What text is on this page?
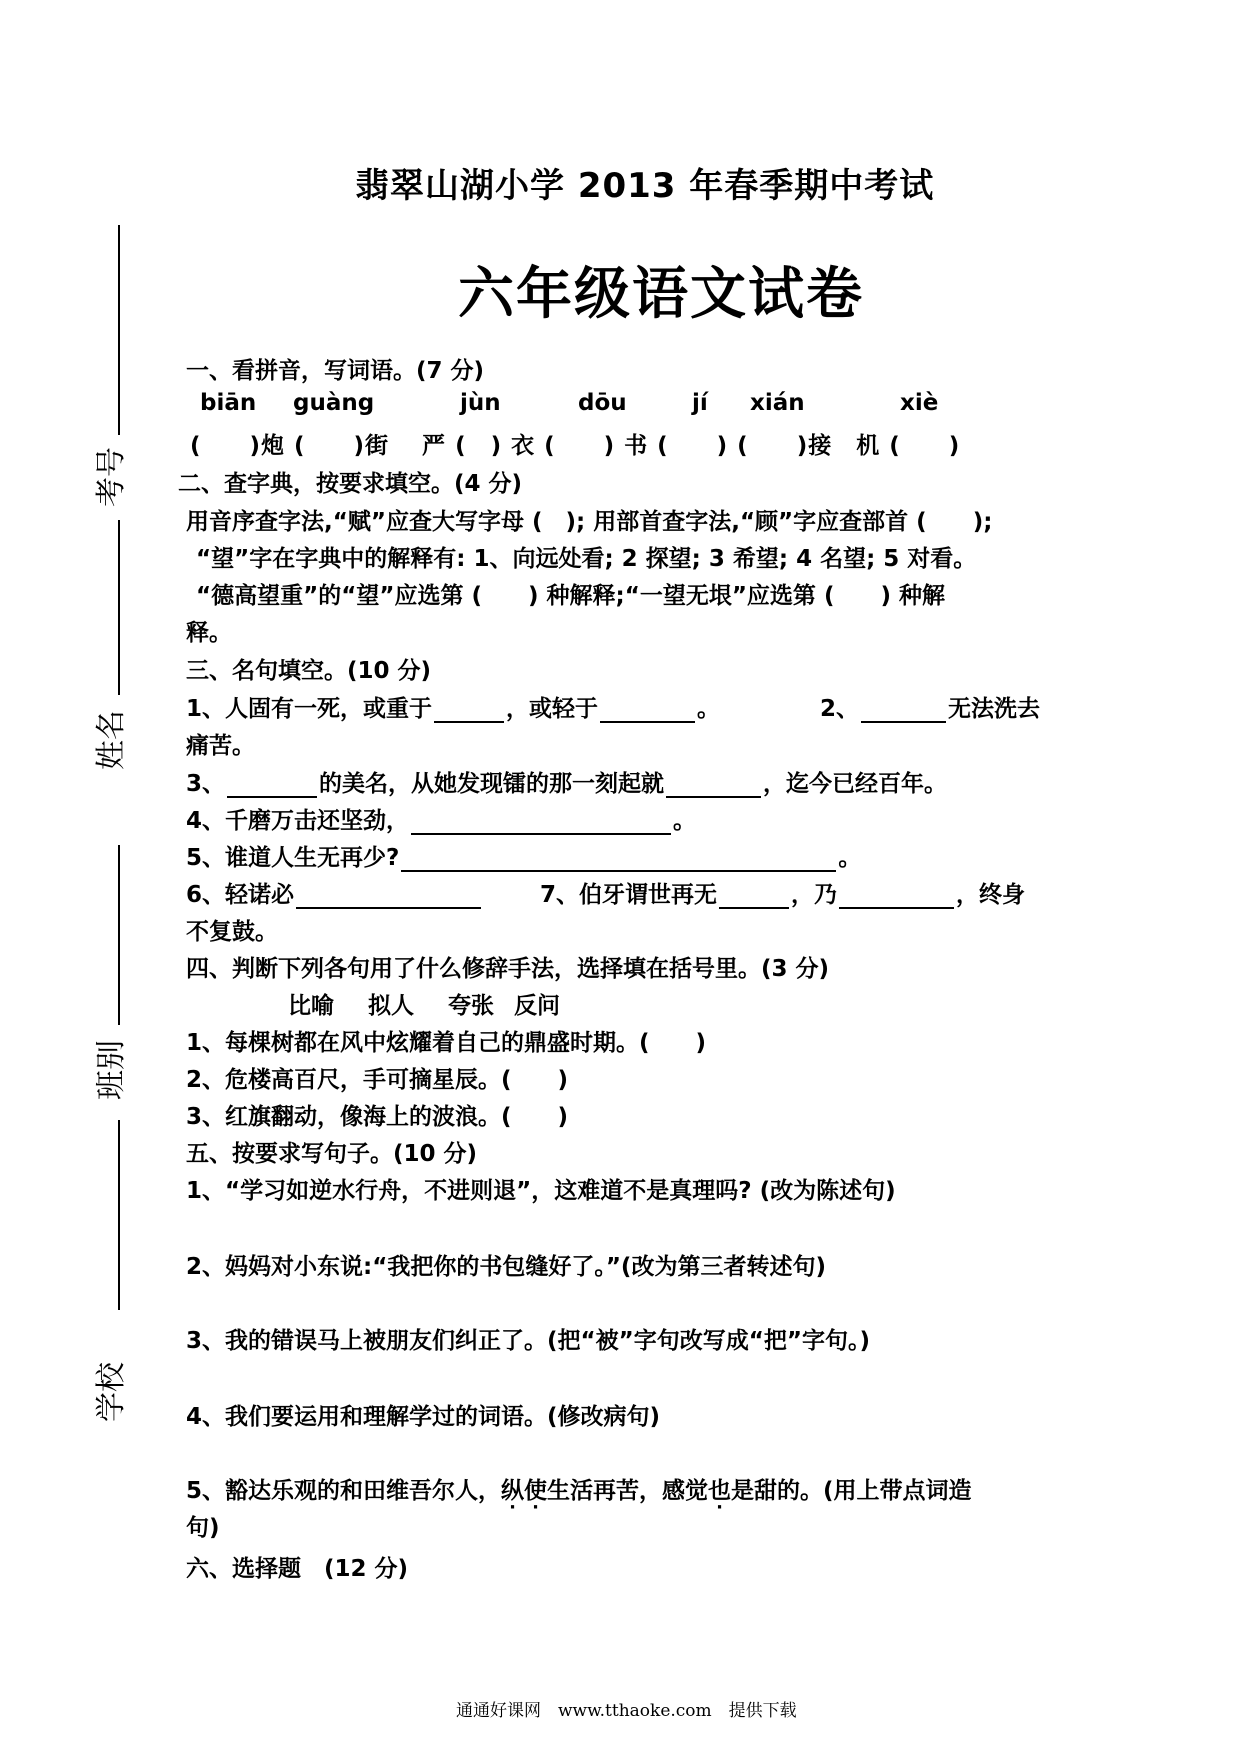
考号
姓名
班别
学校
翡翠山湖小学 2013 年春季期中考试
六年级语文试卷
一、看拼音，写词语。(7 分)
biān guàng	jùn	dōu	jí xián	xiè
(　　)炮 (　　)街　 严 (　) 衣 (　　) 书 (　　) (　　)接　机 (　　)
二、查字典，按要求填空。(4 分)
用音序查字法,“赋”应查大写字母 (　); 用部首查字法,“顾”字应查部首 (　　);
“望”字在字典中的解释有: 1、向远处看; 2 探望; 3 希望; 4 名望; 5 对看。
“德高望重”的“望”应选第 (　　) 种解释;“一望无垠”应选第 (　　) 种解
释。
三、名句填空。(10 分)
1、人固有一死，或重于	，或轻于	。	2、	无法洗去
痛苦。
3、	的美名，从她发现镭的那一刻起就	，迄今已经百年。
4、千磨万击还坚劲，	。
5、谁道人生无再少?	。
6、轻诺必	7、伯牙谓世再无	，乃	，终身
不复鼓。
四、判断下列各句用了什么修辞手法，选择填在括号里。(3 分)
比喻 拟人 夸张 反问
1、每棵树都在风中炫耀着自己的鼎盛时期。(　　)
2、危楼高百尺，手可摘星辰。(　　)
3、红旗翻动，像海上的波浪。(　　)
五、按要求写句子。(10 分)
1、“学习如逆水行舟，不进则退”，这难道不是真理吗? (改为陈述句)
2、妈妈对小东说:“我把你的书包缝好了。”(改为第三者转述句)
3、我的错误马上被朋友们纠正了。(把“被”字句改写成“把”字句。)
4、我们要运用和理解学过的词语。(修改病句)
5、豁达乐观的和田维吾尔人，纵使生活再苦，感觉也是甜的。(用上带点词造
句)
六、选择题　(12 分)
通通好课网　www.tthaoke.com　提供下载
